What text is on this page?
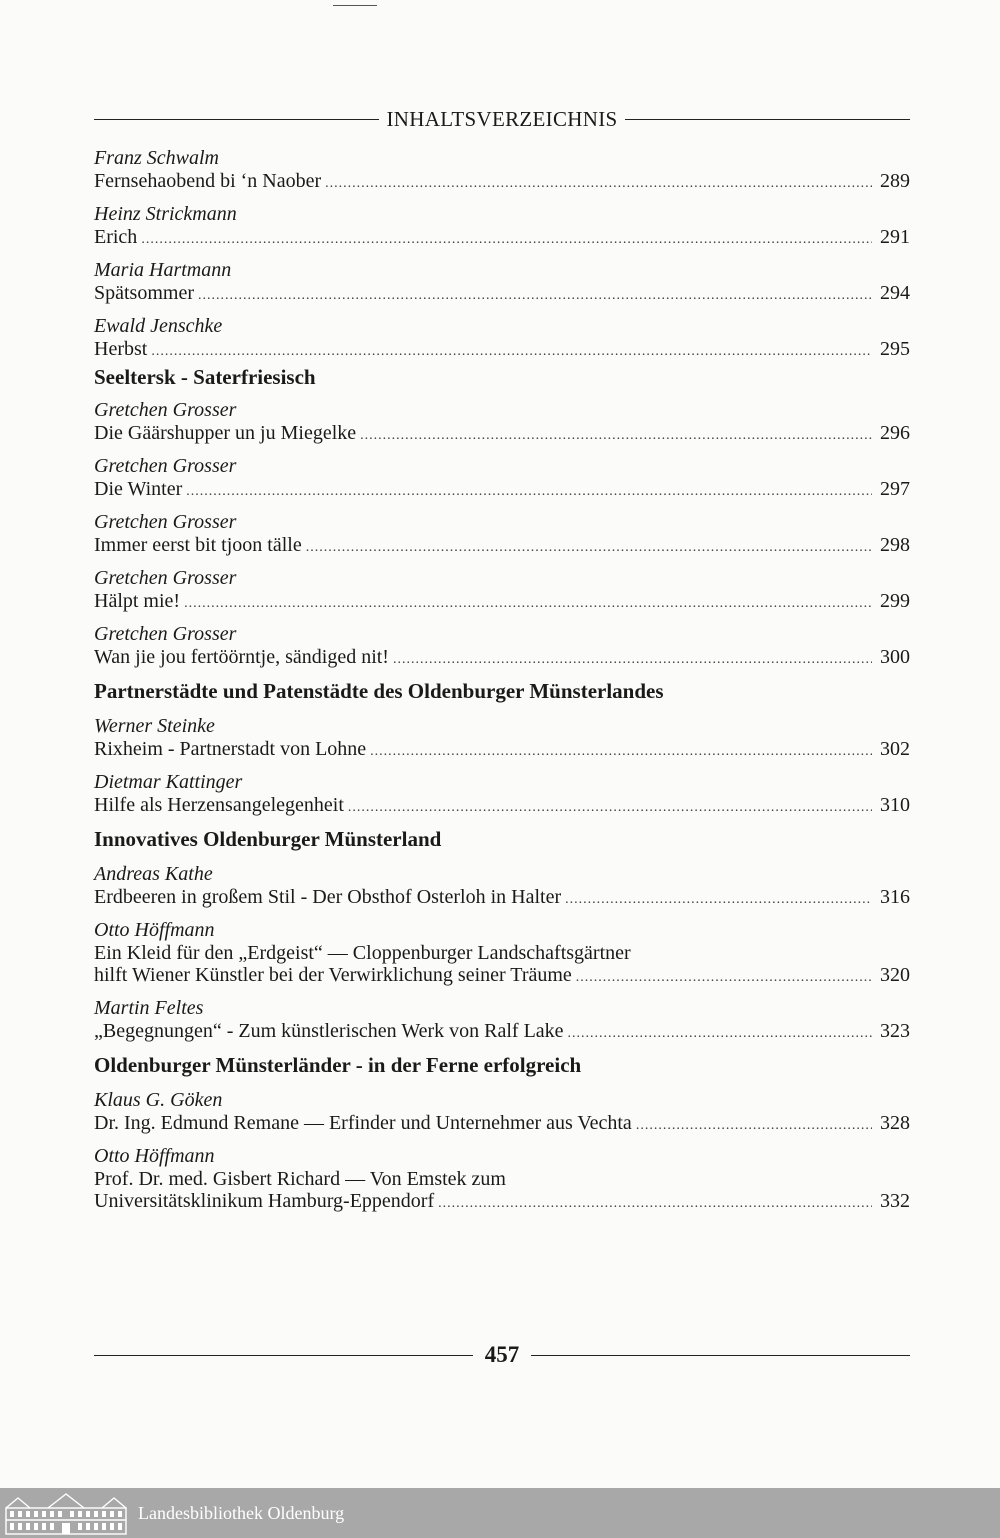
INHALTSVERZEICHNIS
Franz Schwalm
Fernsehaobend bi ‘n Naober .....	289
Heinz Strickmann
Erich .....	291
Maria Hartmann
Spätsommer .....	294
Ewald Jenschke
Herbst .....	295
Seeltersk - Saterfriesisch
Gretchen Grosser
Die Gäärshupper un ju Miegelke .....	296
Gretchen Grosser
Die Winter .....	297
Gretchen Grosser
Immer eerst bit tjoon tälle .....	298
Gretchen Grosser
Hälpt mie! .....	299
Gretchen Grosser
Wan jie jou fertöörntje, sändiged nit! .....	300
Partnerstädte und Patenstädte des Oldenburger Münsterlandes
Werner Steinke
Rixheim - Partnerstadt von Lohne .....	302
Dietmar Kattinger
Hilfe als Herzensangelegenheit .....	310
Innovatives Oldenburger Münsterland
Andreas Kathe
Erdbeeren in großem Stil - Der Obsthof Osterloh in Halter .....	316
Otto Höffmann
Ein Kleid für den „Erdgeist“ — Cloppenburger Landschaftsgärtner
hilft Wiener Künstler bei der Verwirklichung seiner Träume .....	320
Martin Feltes
„Begegnungen“ - Zum künstlerischen Werk von Ralf Lake .....	323
Oldenburger Münsterländer - in der Ferne erfolgreich
Klaus G. Göken
Dr. Ing. Edmund Remane — Erfinder und Unternehmer aus Vechta .....	328
Otto Höffmann
Prof. Dr. med. Gisbert Richard — Von Emstek zum
Universitätsklinikum Hamburg-Eppendorf .....	332
457
Landesbibliothek Oldenburg
